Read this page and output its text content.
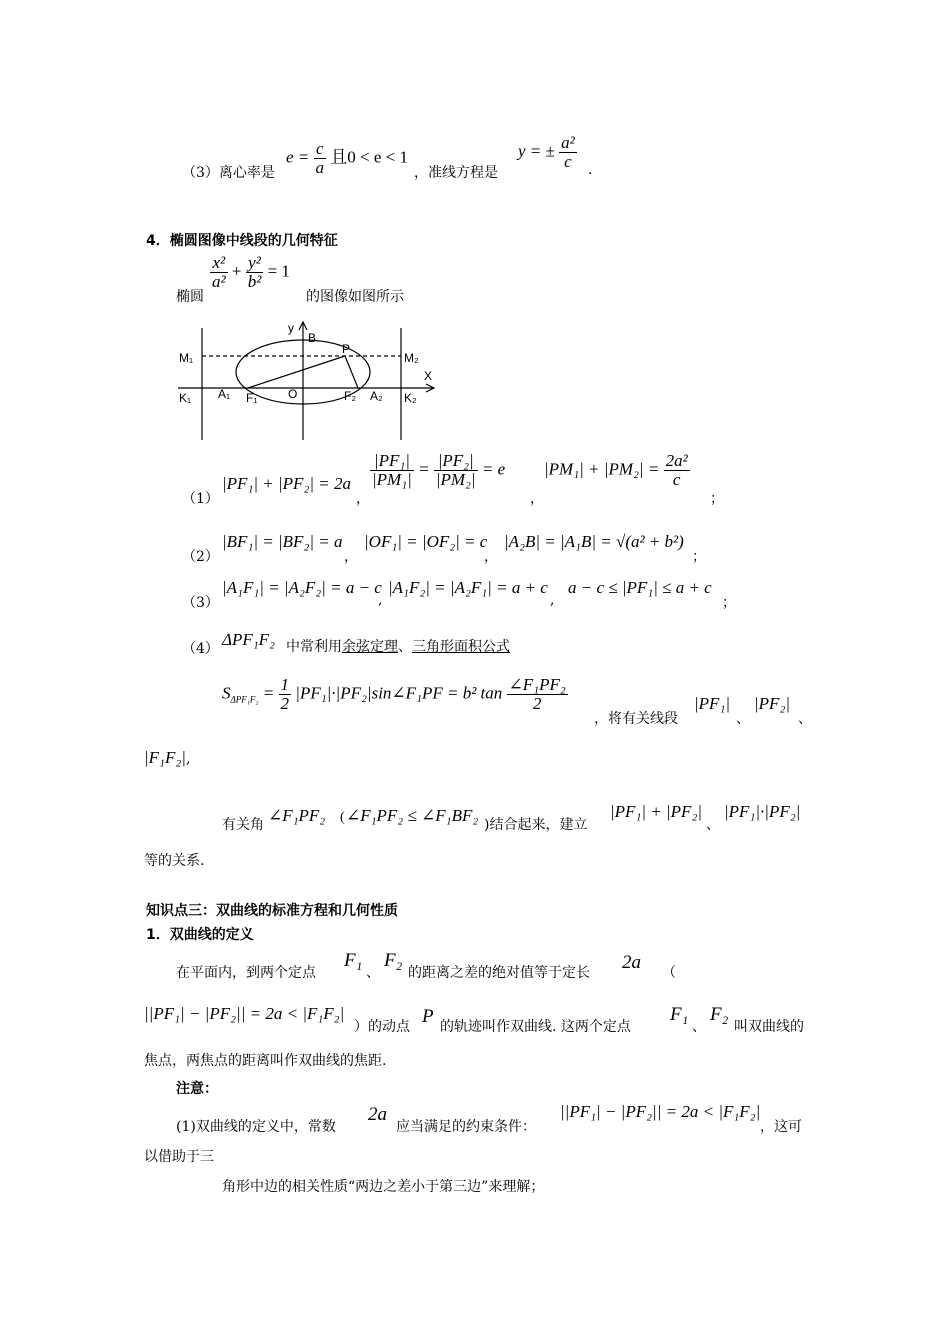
（3）离心率是
$e = \frac{c}{a}$ 且0 < e < 1
，准线方程是
y = ± $\frac{\text{a²}}{c}$ .
4．椭圆图像中线段的几何特征
椭圆
$\frac{\text{x²}}{\text{a²}} + \frac{\text{y²}}{\text{b²}} = 1$
的图像如图所示
y
B
P
M₁	M₂
X
K₁ A₁ F₁	O	F₂ A₂ K₂
（1）
|PF₁| + |PF₂| = 2a
，
$\frac{\text{|PF₁|}}{\text{|PM₁|}} = \frac{\text{|PF₂|}}{\text{|PM₂|}} = e$
，
$|PM_1| + |PM_2| = \frac{\text{2a²}}{c}$
；
（2）
|BF₁| = |BF₂| = a
，
|OF₁| = |OF₂| = c
，
|A₂B| = |A₁B| = √(a² + b²)
；
（3）
|A₁F₁| = |A₂F₂| = a − c
,
|A₁F₂| = |A₂F₁| = a + c
,
a − c ≤ |PF₁| ≤ a + c
；
（4） ΔPF₁F₂ 中常利用余弦定理、三角形面积公式
$S_{\Delta PF_1F_2} = \frac{1}{2}$ |PF₁|·|PF₂|sin∠F₁PF = b² $\tan \frac{\text{∠F₁PF₂}}{2}$
，将有关线段
|PF₁|
、
|PF₂|
、
|F₁F₂|,
有关角 ∠F₁PF₂ ( ∠F₁PF₂ ≤ ∠F₁BF₂ )结合起来，建立
|PF₁| + |PF₂|
、
|PF₁|·|PF₂|
等的关系.
知识点三：双曲线的标准方程和几何性质
1．双曲线的定义
在平面内，到两个定点
F₁
、
F₂
的距离之差的绝对值等于定长 2a （
||PF₁| − |PF₂|| = 2a < |F₁F₂|
）的动点 P 的轨迹叫作双曲线. 这两个定点
F₁
、
F₂
叫双曲线的
焦点，两焦点的距离叫作双曲线的焦距.
注意：
(1)双曲线的定义中，常数
2a
应当满足的约束条件：
||PF₁| − |PF₂|| = 2a < |F₁F₂|
，这可
以借助于三
角形中边的相关性质“两边之差小于第三边”来理解；
